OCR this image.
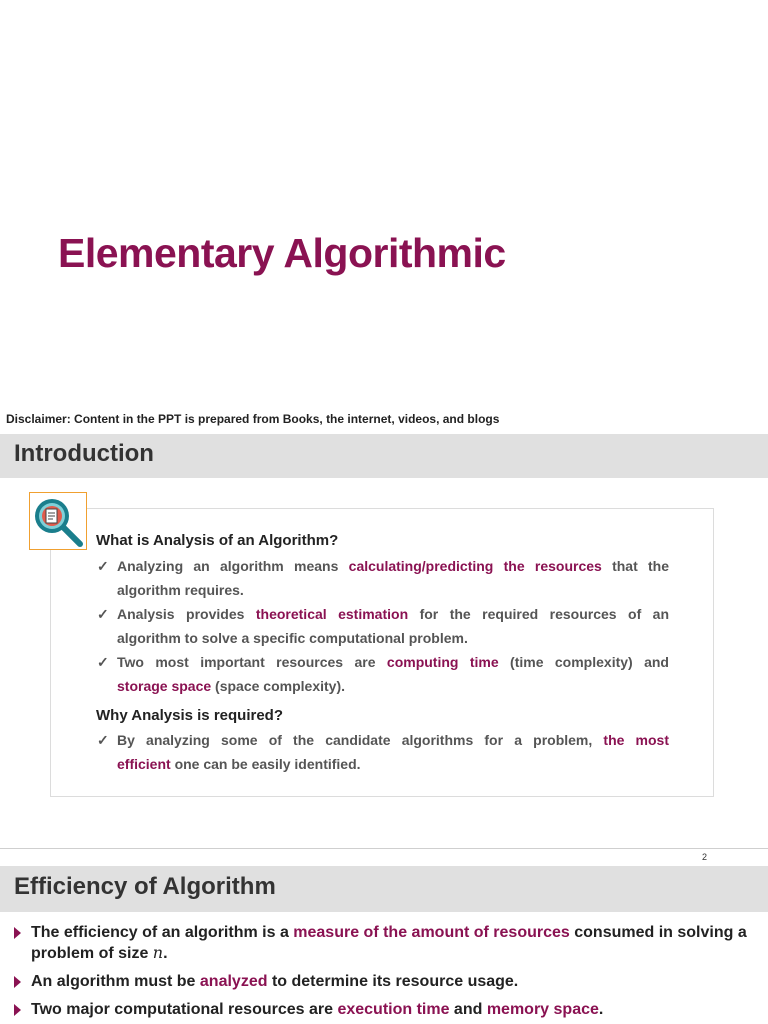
Elementary Algorithmic
Disclaimer: Content in the PPT is prepared from Books, the internet, videos, and blogs
Introduction
What is Analysis of an Algorithm?
✓ Analyzing an algorithm means calculating/predicting the resources that the
algorithm requires.
✓ Analysis provides theoretical estimation for the required resources of an
algorithm to solve a specific computational problem.
✓ Two most important resources are computing time (time complexity) and
storage space (space complexity).
Why Analysis is required?
✓ By analyzing some of the candidate algorithms for a problem, the most
efficient one can be easily identified.
2
Efficiency of Algorithm
The efficiency of an algorithm is a measure of the amount of resources consumed in solving a
problem of size n.
An algorithm must be analyzed to determine its resource usage.
Two major computational resources are execution time and memory space.
